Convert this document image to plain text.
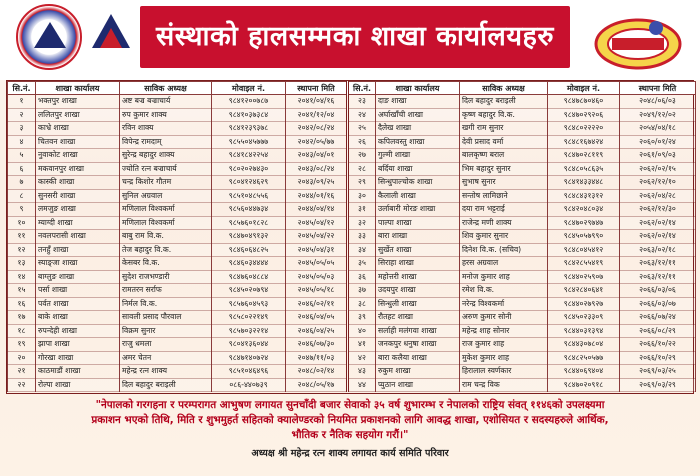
संस्थाको हालसम्मका शाखा कार्यालयहरु
सि.नं.	शाखा कार्यालय	साविक अध्यक्ष	मोवाइल नं.	स्थापना मिति	सि.नं.	शाखा कार्यालय	साविक अध्यक्ष	मोवाइल नं.	स्थापना मिति
१	भक्तपुर शाखा	अष्ट बज्र बज्राचार्य	९८४१२००७८७	२०४१/०४/१६	२३	दाङ शाखा	दिल बहादुर बराइली	९८४७८७०४६०	२०४८/०६/०३
२	ललितपुर शाखा	रुप कुमार शाक्य	९८४१०३७३८४	२०४१/१२/०४	२४	अर्घाखाँची शाखा	कृष्ण बहादुर वि.क.	९८४७०२९२०६	२०४९/१२/०२
३	काभ्रे शाखा	रविन शाक्य	९८४१२३९३७८	२०४२/०८/२४	२५	दैलेख शाखा	खगी राम सुनार	९८४८०२२२२०	२०५४/०४/१८
४	चितवन शाखा	विपेन्द्र रामदाम्	९८५५०४५७७७	२०४२/०५/७७	२६	कपिलवस्तु शाखा	देवी प्रसाद वर्मा	९८४८१६७४२४	२०६०/०१/२४
५	नुवाकोट शाखा	सुरेन्द्र बहादुर शाक्य	९८४१८४२२५४	२०४३/०४/०१	२७	गुल्मी शाखा	बालकृष्ण बराल	९८४७०२८११९	२०६१/०९/०३
६	मकवानपुर शाखा	ज्योति रत्न बज्राचार्य	९८०२०२७४३०	२०४३/०८/२४	२८	बर्दिया शाखा	भिम बहादुर सुनार	९८४८०५८६३५	२०६२/०२/१५
७	कास्की शाखा	चन्द्र किशोर गौतम	९८०४१२४६२९	२०४३/०९/२५	२९	सिन्धुपाल्चोक शाखा	सुभाष सुनार	९८४१४३३४४८	२०६२/१२/१०
८	सुनसरी शाखा	सुनिल अग्रवाल	९८५१०४८५५६	२०४४/०१/१६	३०	कैलाली शाखा	सन्तोष लामिछाने	९८४८४३१३१२	२०६२/०४/२८
९	लमजुङ शाखा	मणिलाल विश्वकर्मा	९८५६०४४७३४	२०४४/०४/१४	३१	उर्लाबारी मोरङ शाखा	दया राम भट्टराई	९८४२०४८०३४	२०६२/१२/३०
१०	म्याग्दी शाखा	मणिलाल विश्वकर्मा	९८५७६०१८२८	२०४५/०४/१२	३२	पाल्पा शाखा	राजेन्द्र मणी शाक्य	९८४७०२९७४७	२०६२/०२/१४
११	नवलपरासी शाखा	बाबु राम वि.क.	९८४७०४९१३२	२०४५/०४/२२	३३	बारा शाखा	शिव कुमार सुनार	९८४५०५७९९०	२०६२/०२/१४
१२	तनहुँ शाखा	तेज बहादुर वि.क.	९८४६०६४८२५	२०४५/०४/३१	३४	सुर्खेत शाखा	दिनेश वि.क. (सचिव)	९८४८०४५४१२	२०६३/०२/१८
१३	स्याङ्जा शाखा	केसबर वि.क.	९८४६०३४४४४	२०४५/०५/०५	३५	सिराहा शाखा	हरस अग्रवाल	९८४२८५५४१९	२०६३/१२/११
१४	बाग्लुङ शाखा	सुदेश राजभण्डारी	९८४७६०४८८४	२०४५/०५/०३	३६	महोत्तरी शाखा	मनोज कुमार शाह	९८४४०२५९०७	२०६३/१२/११
१५	पर्सा शाखा	रामतरन सर्राफ	९८४५०२०७९४	२०४५/०५/१८	३७	उदयपुर शाखा	रमेश वि.क.	९८४२८४०६४१	२०६६/०३/०६
१६	पर्वत शाखा	निर्मल वि.क.	९८५७६०४५९३	२०४६/०२/११	३८	सिन्धुली शाखा	नरेन्द्र विश्वकर्मा	९८४४०२७९२७	२०६६/०३/०७
१७	बाके शाखा	सावली प्रसाद पौरवाल	९८५८०२२१४९	२०४६/०४/०५	३९	रौतहट शाखा	अरुण कुमार सोनी	९८४५०२३३०९	२०६६/०७/२४
१८	रुपन्देही शाखा	विक्रम सुनार	९८५७०३२२१४	२०४६/०४/२५	४०	सर्लाही मलंगवा शाखा	महेन्द्र शाह सोनार	९८४४०३१३९४	२०६६/०८/२९
१९	झापा शाखा	राजु धमला	९८०४१३६०४४	२०४६/०७/३०	४१	जनकपुर धनुषा शाखा	राज कुमार शाह	९८४४३०७८०४	२०६६/१०/२२
२०	गोरखा शाखा	अमर चेतन	९८४७१४०७२४	२०४७/११/०३	४२	बारा कलैया शाखा	मुकेश कुमार शाह	९८४८२५०५७७	२०६६/१०/२९
२१	काठमाडौं शाखा	महेन्द्र रत्न शाक्य	९८५१०४६४९६	२०४८/०२/१४	४३	रुकुम शाखा	हिरालाल स्वर्णकार	९८४४०६९४०४	२०६९/०३/२५
२२	रोल्पा शाखा	दिल बहादुर बराइली	०८६-४४०७३९	२०४८/०५/१७	४४	प्युठान शाखा	राम चन्द्र विक	९८४७०२०९१८	२०६९/०३/२९
"नेपालको गरगहना र परम्परागत आभुषण लगायत सुनचाँदी बजार सेवाको ३५ वर्ष शुभारम्भ र नेपालको राष्ट्रिय संवत् ११४६को उपलक्ष्यमा
प्रकाशन भएको तिथि, मिति र शुभमुहर्त सहितको क्यालेण्डरको नियमित प्रकाशनको लागि आवद्ध शाखा, एशोसियत र सदस्यहरुले आर्थिक,
भौतिक र नैतिक सहयोग गरौं।"
अध्यक्ष श्री महेन्द्र रत्न शाक्य लगायत कार्य समिति परिवार
